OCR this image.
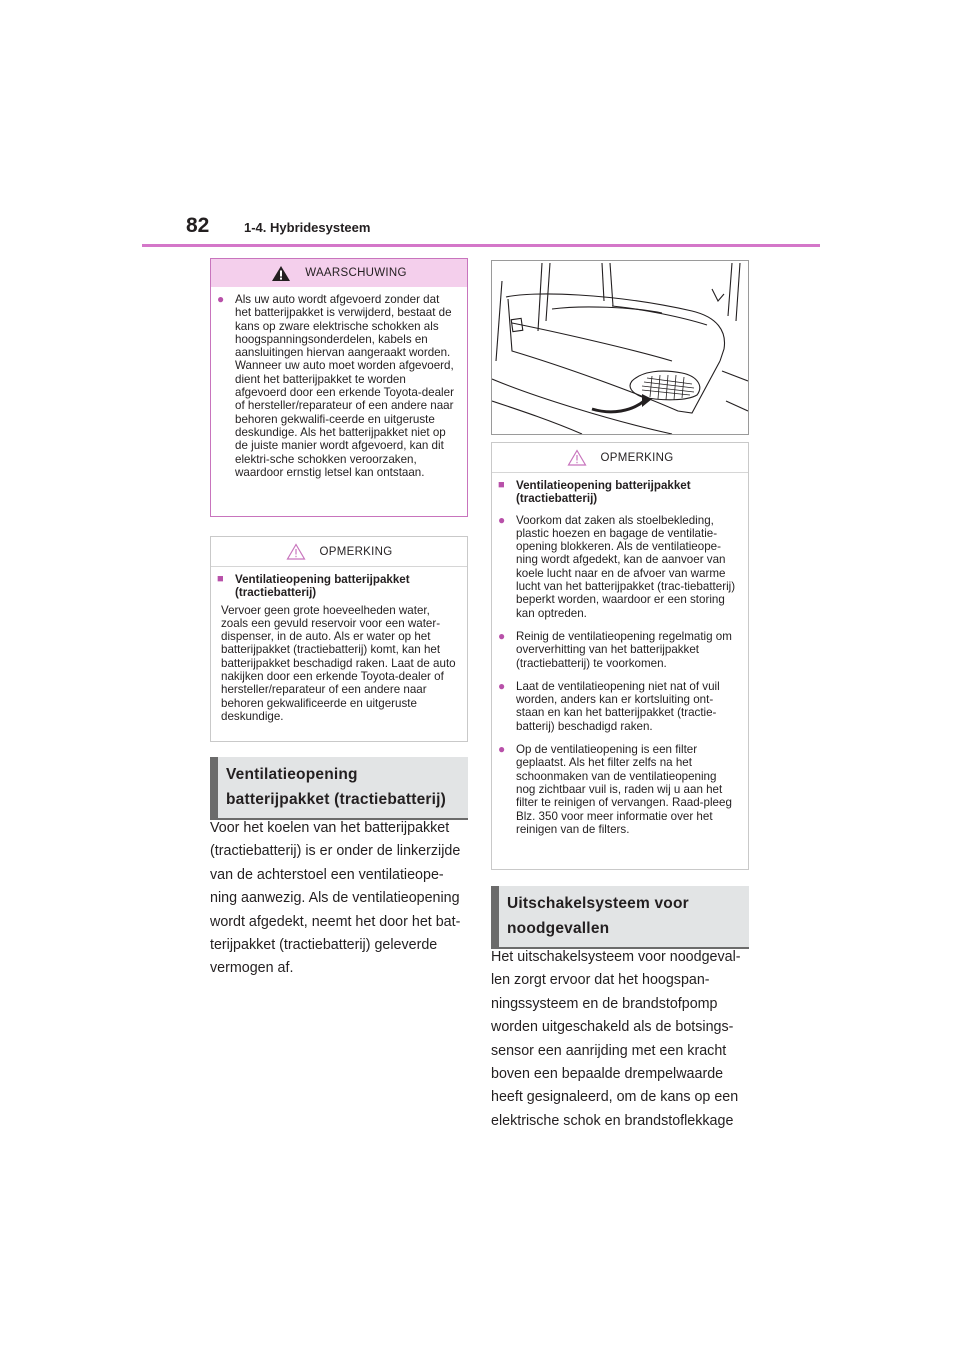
82	1-4. Hybridesysteem
WAARSCHUWING
● Als uw auto wordt afgevoerd zonder dat het batterijpakket is verwijderd, bestaat de kans op zware elektrische schokken als hoogspanningsonderdelen, kabels en aansluitingen hiervan aangeraakt worden. Wanneer uw auto moet worden afgevoerd, dient het batterijpakket te worden afgevoerd door een erkende Toyota-dealer of hersteller/reparateur of een andere naar behoren gekwalifi-ceerde en uitgeruste deskundige. Als het batterijpakket niet op de juiste manier wordt afgevoerd, kan dit elektri-sche schokken veroorzaken, waardoor ernstig letsel kan ontstaan.
OPMERKING
■ Ventilatieopening batterijpakket (tractiebatterij)
Vervoer geen grote hoeveelheden water, zoals een gevuld reservoir voor een water-dispenser, in de auto. Als er water op het batterijpakket (tractiebatterij) komt, kan het batterijpakket beschadigd raken. Laat de auto nakijken door een erkende Toyota-dealer of hersteller/reparateur of een andere naar behoren gekwalificeerde en uitgeruste deskundige.
Ventilatieopening batterijpakket (tractiebatterij)
Voor het koelen van het batterijpakket (tractiebatterij) is er onder de linkerzijde van de achterstoel een ventilatieope-ning aanwezig. Als de ventilatieopening wordt afgedekt, neemt het door het bat-terijpakket (tractiebatterij) geleverde vermogen af.
OPMERKING
■ Ventilatieopening batterijpakket (tractiebatterij)
● Voorkom dat zaken als stoelbekleding, plastic hoezen en bagage de ventilatie-opening blokkeren. Als de ventilatieope-ning wordt afgedekt, kan de aanvoer van koele lucht naar en de afvoer van warme lucht van het batterijpakket (trac-tiebatterij) beperkt worden, waardoor er een storing kan optreden.
● Reinig de ventilatieopening regelmatig om oververhitting van het batterijpakket (tractiebatterij) te voorkomen.
● Laat de ventilatieopening niet nat of vuil worden, anders kan er kortsluiting ont-staan en kan het batterijpakket (tractie-batterij) beschadigd raken.
● Op de ventilatieopening is een filter geplaatst. Als het filter zelfs na het schoonmaken van de ventilatieopening nog zichtbaar vuil is, raden wij u aan het filter te reinigen of vervangen. Raad-pleeg Blz. 350 voor meer informatie over het reinigen van de filters.
Uitschakelsysteem voor noodgevallen
Het uitschakelsysteem voor noodgeval-len zorgt ervoor dat het hoogspan-ningssysteem en de brandstofpomp worden uitgeschakeld als de botsings-sensor een aanrijding met een kracht boven een bepaalde drempelwaarde heeft gesignaleerd, om de kans op een elektrische schok en brandstoflekkage
